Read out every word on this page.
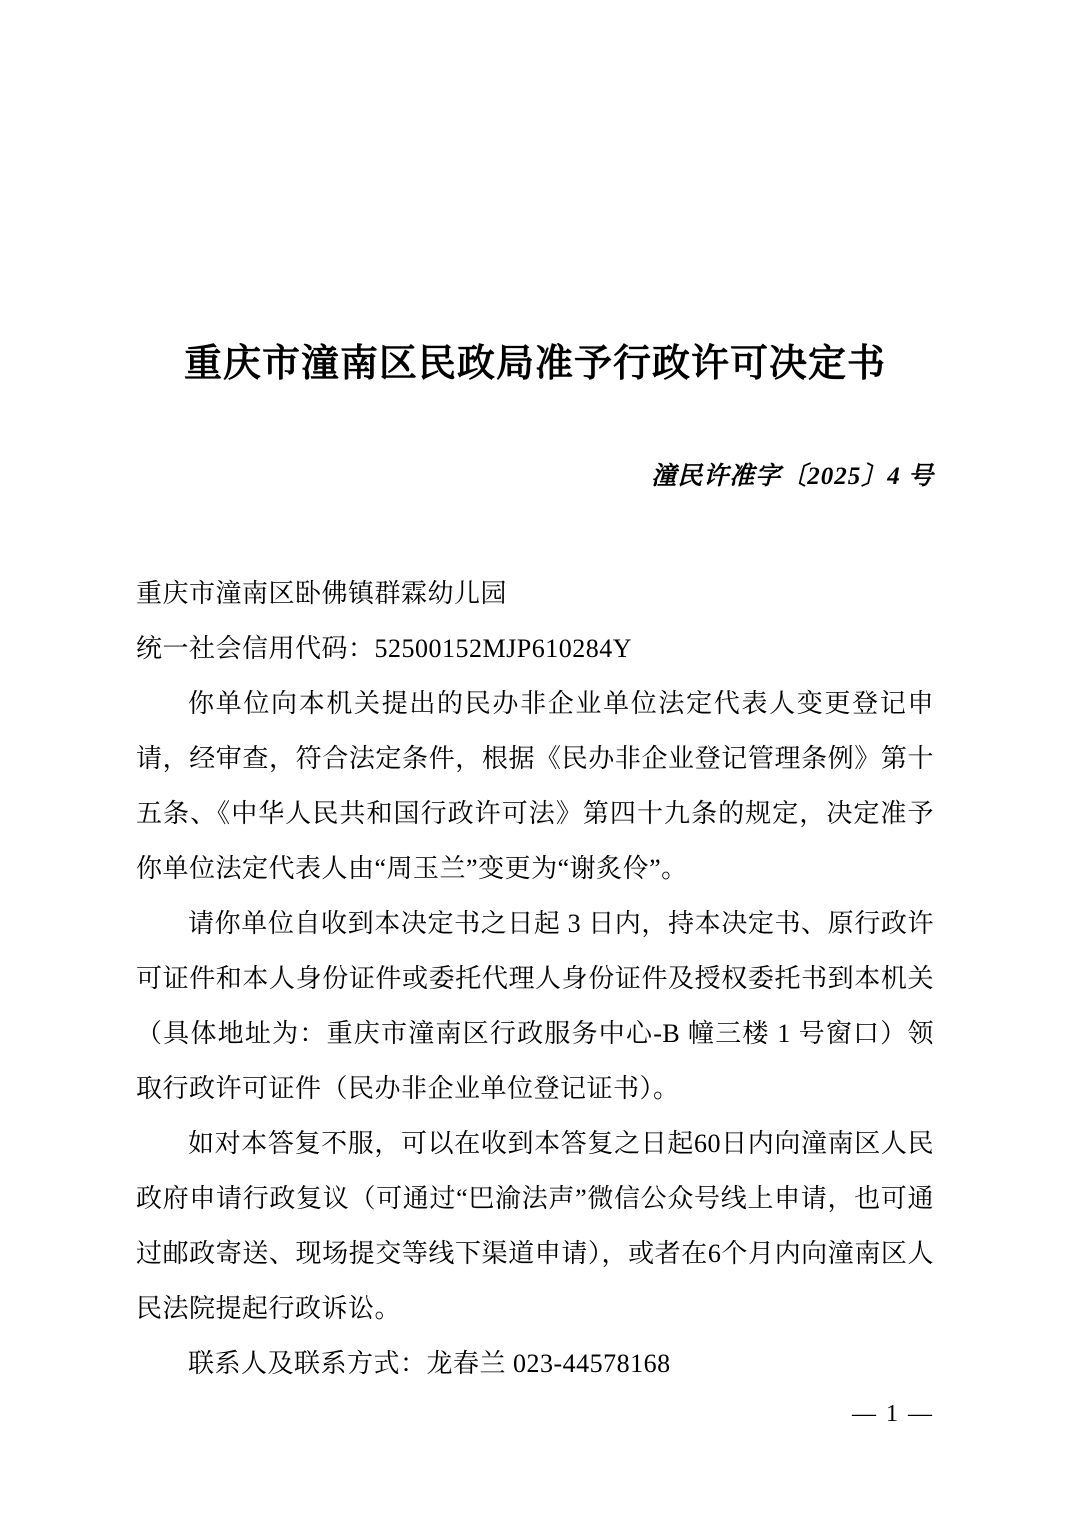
重庆市潼南区民政局准予行政许可决定书
潼民许准字〔2025〕4 号

重庆市潼南区卧佛镇群霖幼儿园

统一社会信用代码：52500152MJP610284Y

你单位向本机关提出的民办非企业单位法定代表人变更登记申请，经审查，符合法定条件，根据《民办非企业登记管理条例》第十五条、《中华人民共和国行政许可法》第四十九条的规定，决定准予你单位法定代表人由“周玉兰”变更为“谢炙伶”。

请你单位自收到本决定书之日起 3 日内，持本决定书、原行政许可证件和本人身份证件或委托代理人身份证件及授权委托书到本机关（具体地址为：重庆市潼南区行政服务中心-B 幢三楼 1 号窗口）领取行政许可证件（民办非企业单位登记证书）。

如对本答复不服，可以在收到本答复之日起60日内向潼南区人民政府申请行政复议（可通过“巴渝法声”微信公众号线上申请，也可通过邮政寄送、现场提交等线下渠道申请），或者在6个月内向潼南区人民法院提起行政诉讼。

联系人及联系方式：龙春兰 023-44578168

— 1 —
